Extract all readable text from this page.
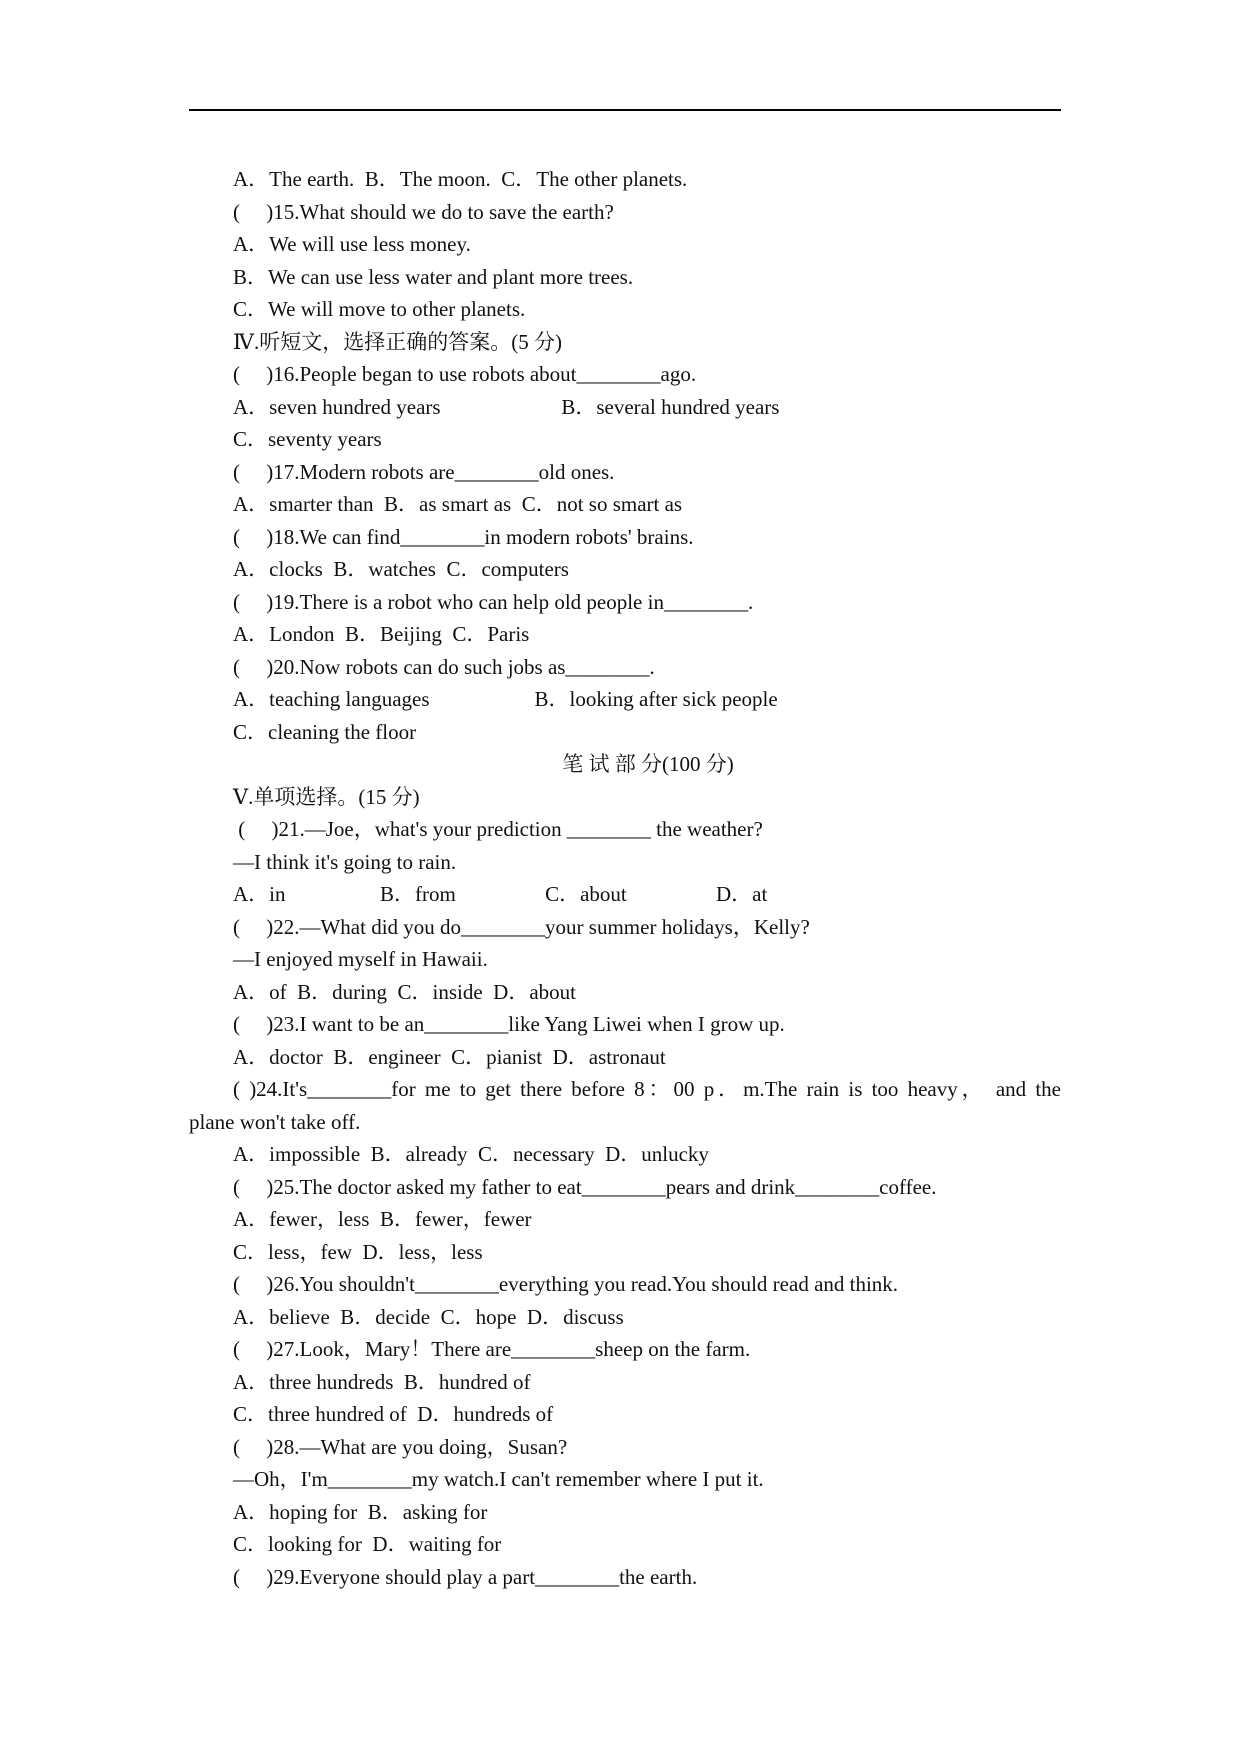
A．The earth.  B．The moon.  C．The other planets.
(     )15.What should we do to save the earth?
A．We will use less money.
B．We can use less water and plant more trees.
C．We will move to other planets.
Ⅳ.听短文，选择正确的答案。(5 分)
(     )16.People began to use robots about________ago.
A．seven hundred years                       B．several hundred years
C．seventy years
(     )17.Modern robots are________old ones.
A．smarter than  B．as smart as  C．not so smart as
(     )18.We can find________in modern robots' brains.
A．clocks  B．watches  C．computers
(     )19.There is a robot who can help old people in________.
A．London  B．Beijing  C．Paris
(     )20.Now robots can do such jobs as________.
A．teaching languages                    B．looking after sick people
C．cleaning the floor
笔 试 部 分(100 分)
Ⅴ.单项选择。(15 分)
(     )21.—Joe，what's your prediction ________ the weather?
—I think it's going to rain.
A．in                  B．from                 C．about                 D．at
(     )22.—What did you do________your summer holidays，Kelly?
—I enjoyed myself in Hawaii.
A．of  B．during  C．inside  D．about
(     )23.I want to be an________like Yang Liwei when I grow up.
A．doctor  B．engineer  C．pianist  D．astronaut
( )24.It's________for me to get there before 8：00 p．m.The rain is too heavy， and the
plane won't take off.
A．impossible  B．already  C．necessary  D．unlucky
(     )25.The doctor asked my father to eat________pears and drink________coffee.
A．fewer，less  B．fewer，fewer
C．less，few  D．less，less
(     )26.You shouldn't________everything you read.You should read and think.
A．believe  B．decide  C．hope  D．discuss
(     )27.Look，Mary！There are________sheep on the farm.
A．three hundreds  B．hundred of
C．three hundred of  D．hundreds of
(     )28.—What are you doing，Susan?
—Oh，I'm________my watch.I can't remember where I put it.
A．hoping for  B．asking for
C．looking for  D．waiting for
(     )29.Everyone should play a part________the earth.
